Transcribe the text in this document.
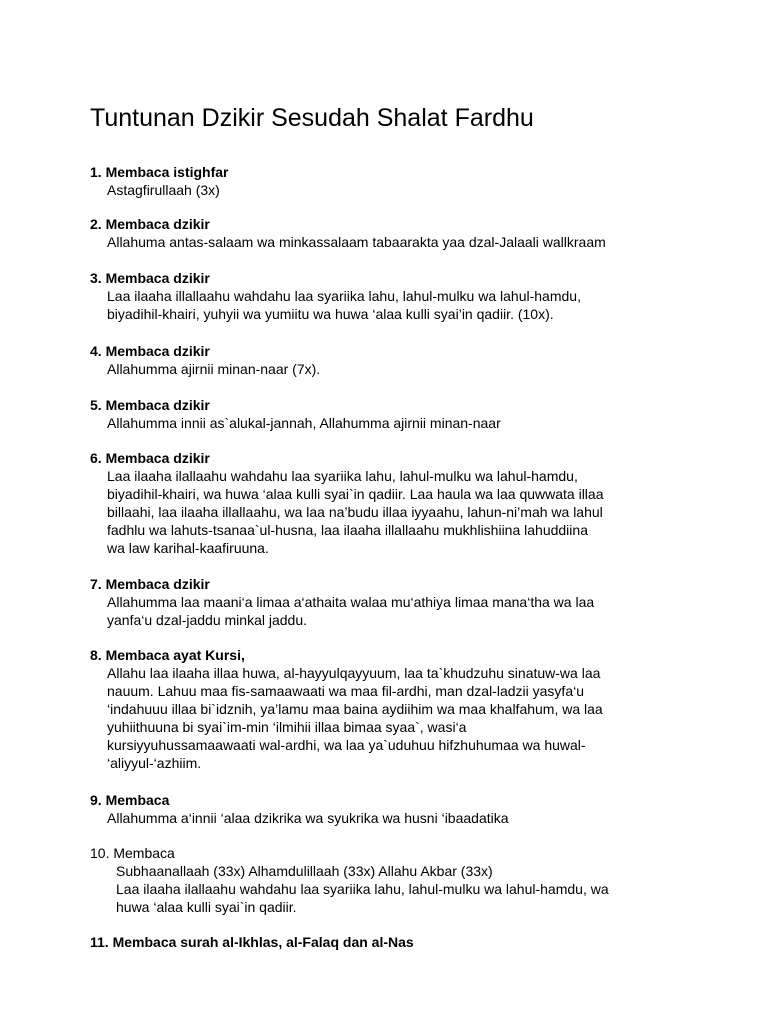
Tuntunan Dzikir Sesudah Shalat Fardhu
1. Membaca istighfar
Astagfirullaah (3x)
2. Membaca dzikir
Allahuma antas-salaam wa minkassalaam tabaarakta yaa dzal-Jalaali wallkraam
3. Membaca dzikir
Laa ilaaha illallaahu wahdahu laa syariika lahu, lahul-mulku wa lahul-hamdu,
biyadihil-khairi, yuhyii wa yumiitu wa huwa ‘alaa kulli syai’in qadiir. (10x).
4. Membaca dzikir
Allahumma ajirnii minan-naar (7x).
5. Membaca dzikir
Allahumma innii as`alukal-jannah, Allahumma ajirnii minan-naar
6. Membaca dzikir
Laa ilaaha ilallaahu wahdahu laa syariika lahu, lahul-mulku wa lahul-hamdu,
biyadihil-khairi, wa huwa ‘alaa kulli syai`in qadiir. Laa haula wa laa quwwata illaa
billaahi, laa ilaaha illallaahu, wa laa na’budu illaa iyyaahu, lahun-ni’mah wa lahul
fadhlu wa lahuts-tsanaa`ul-husna, laa ilaaha illallaahu mukhlishiina lahuddiina
wa law karihal-kaafiruuna.
7. Membaca dzikir
Allahumma laa maani‘a limaa a‘athaita walaa mu‘athiya limaa mana‘tha wa laa
yanfa‘u dzal-jaddu minkal jaddu.
8. Membaca ayat Kursi,
Allahu laa ilaaha illaa huwa, al-hayyulqayyuum, laa ta`khudzuhu sinatuw-wa laa
nauum. Lahuu maa fis-samaawaati wa maa fil-ardhi, man dzal-ladzii yasyfa‘u
‘indahuuu illaa bi`idznih, ya’lamu maa baina aydiihim wa maa khalfahum, wa laa
yuhiithuuna bi syai`im-min ‘ilmihii illaa bimaa syaa`, wasi‘a
kursiyyuhussamaawaati wal-ardhi, wa laa ya`uduhuu hifzhuhumaa wa huwal-
‘aliyyul-‘azhiim.
9. Membaca
Allahumma a‘innii ‘alaa dzikrika wa syukrika wa husni ‘ibaadatika
10. Membaca
Subhaanallaah (33x) Alhamdulillaah (33x) Allahu Akbar (33x)
Laa ilaaha ilallaahu wahdahu laa syariika lahu, lahul-mulku wa lahul-hamdu, wa
huwa ‘alaa kulli syai`in qadiir.
11. Membaca surah al-Ikhlas, al-Falaq dan al-Nas
